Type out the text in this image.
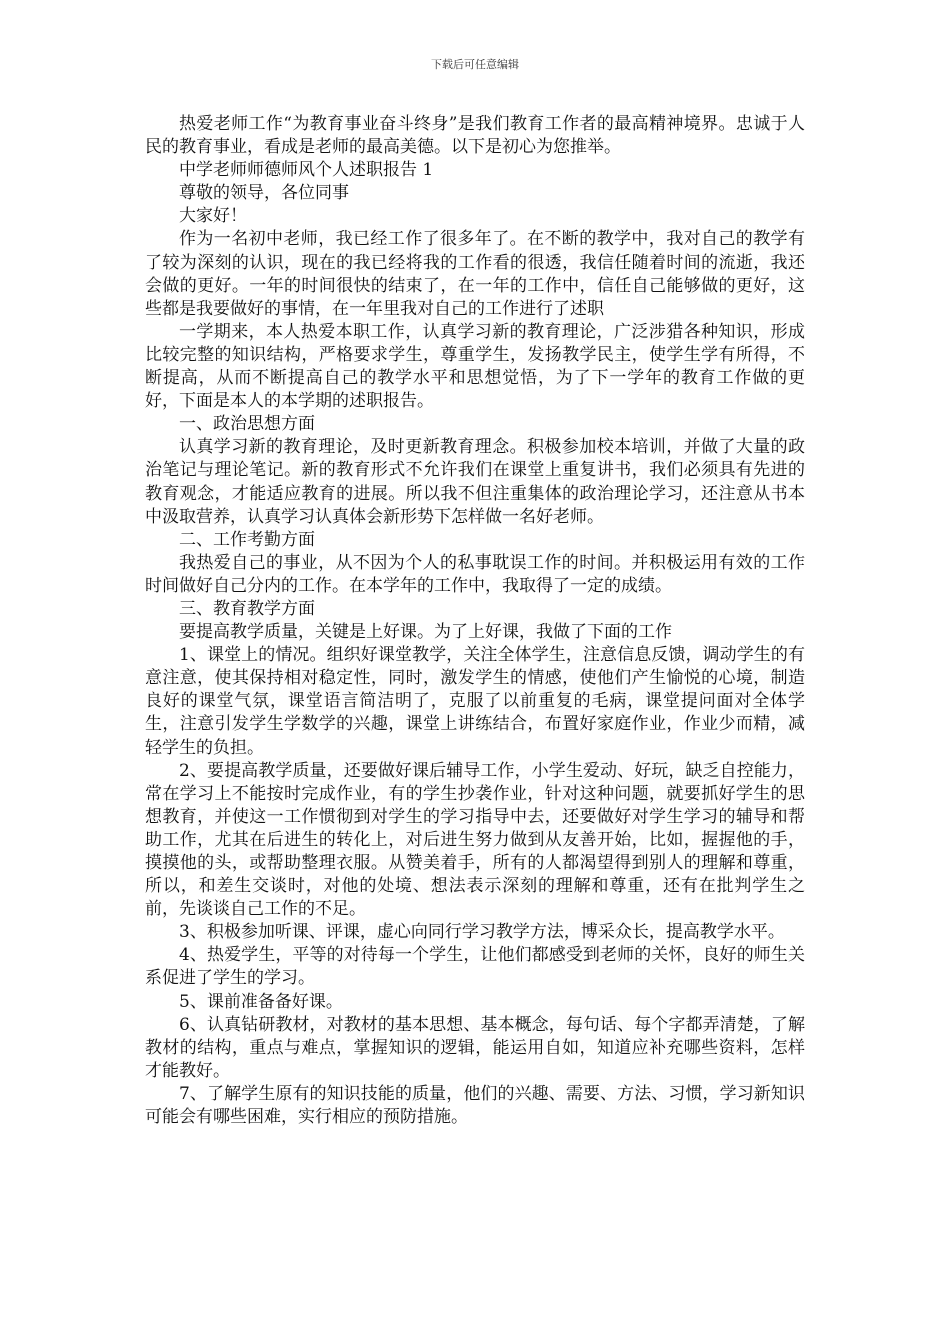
下载后可任意编辑

热爱老师工作“为教育事业奋斗终身”是我们教育工作者的最高精神境界。忠诚于人民的教育事业，看成是老师的最高美德。以下是初心为您推举。

中学老师师德师风个人述职报告 1

尊敬的领导，各位同事

大家好！

作为一名初中老师，我已经工作了很多年了。在不断的教学中，我对自己的教学有了较为深刻的认识，现在的我已经将我的工作看的很透，我信任随着时间的流逝，我还会做的更好。一年的时间很快的结束了，在一年的工作中，信任自己能够做的更好，这些都是我要做好的事情，在一年里我对自己的工作进行了述职

一学期来，本人热爱本职工作，认真学习新的教育理论，广泛涉猎各种知识，形成比较完整的知识结构，严格要求学生，尊重学生，发扬教学民主，使学生学有所得，不断提高，从而不断提高自己的教学水平和思想觉悟，为了下一学年的教育工作做的更好，下面是本人的本学期的述职报告。

一、政治思想方面

认真学习新的教育理论，及时更新教育理念。积极参加校本培训，并做了大量的政治笔记与理论笔记。新的教育形式不允许我们在课堂上重复讲书，我们必须具有先进的教育观念，才能适应教育的进展。所以我不但注重集体的政治理论学习，还注意从书本中汲取营养，认真学习认真体会新形势下怎样做一名好老师。

二、工作考勤方面

我热爱自己的事业，从不因为个人的私事耽误工作的时间。并积极运用有效的工作时间做好自己分内的工作。在本学年的工作中，我取得了一定的成绩。

三、教育教学方面

要提高教学质量，关键是上好课。为了上好课，我做了下面的工作

1、课堂上的情况。组织好课堂教学，关注全体学生，注意信息反馈，调动学生的有意注意，使其保持相对稳定性，同时，激发学生的情感，使他们产生愉悦的心境，制造良好的课堂气氛，课堂语言简洁明了，克服了以前重复的毛病，课堂提问面对全体学生，注意引发学生学数学的兴趣，课堂上讲练结合，布置好家庭作业，作业少而精，减轻学生的负担。

2、要提高教学质量，还要做好课后辅导工作，小学生爱动、好玩，缺乏自控能力，常在学习上不能按时完成作业，有的学生抄袭作业，针对这种问题，就要抓好学生的思想教育，并使这一工作惯彻到对学生的学习指导中去，还要做好对学生学习的辅导和帮助工作，尤其在后进生的转化上，对后进生努力做到从友善开始，比如，握握他的手，摸摸他的头，或帮助整理衣服。从赞美着手，所有的人都渴望得到别人的理解和尊重，所以，和差生交谈时，对他的处境、想法表示深刻的理解和尊重，还有在批判学生之前，先谈谈自己工作的不足。

3、积极参加听课、评课，虚心向同行学习教学方法，博采众长，提高教学水平。

4、热爱学生，平等的对待每一个学生，让他们都感受到老师的关怀，良好的师生关系促进了学生的学习。

5、课前准备备好课。

6、认真钻研教材，对教材的基本思想、基本概念，每句话、每个字都弄清楚，了解教材的结构，重点与难点，掌握知识的逻辑，能运用自如，知道应补充哪些资料，怎样才能教好。

7、了解学生原有的知识技能的质量，他们的兴趣、需要、方法、习惯，学习新知识可能会有哪些困难，实行相应的预防措施。
